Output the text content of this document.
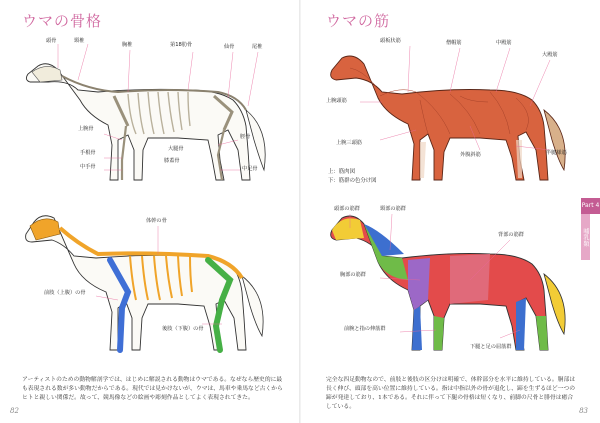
ウマの骨格
頸椎
頭骨
胸椎	第18肋骨	仙骨	尾椎
上腕骨
手根骨
中手骨
脛骨
中足骨
大腿骨
膝蓋骨
体幹の骨
前肢（上腹）の骨
後肢（下腹）の骨
アーティストのための動物解剖学では、はじめに解説される動物はウマである。なぜなら歴史的に最も表現される数が多い動物だからである。現代では見かけないが、ウマは、馬車や乗馬など古くからヒトと親しい関係だ。故って、競馬像などの絵画や彫刻作品としてよく表現されてきた。
82
ウマの筋
頭板状筋	僧帽筋	中殿筋
大殿筋
上腕頭筋
上腕三頭筋
外腹斜筋	半腱様筋
上：筋肉図
下：筋群の色分け図
頭部の筋群	頸部の筋群
胸部の筋群
背部の筋群
前腕と指の伸筋群
下腿と足の屈筋群
完全な四足動物なので、前肢と後肢の区分けは明確で、体幹部分を水平に維持している。胴部は長く伸び、頭部を高い位置に維持している。指は中指以外の骨が退化し、蹄を生ずるほど一つの蹄が発達しており、1本である。それに伴って下腿の骨格は短くなり、前脚の尺骨と腓骨は癒合している。	83
Part 4
哺乳類
